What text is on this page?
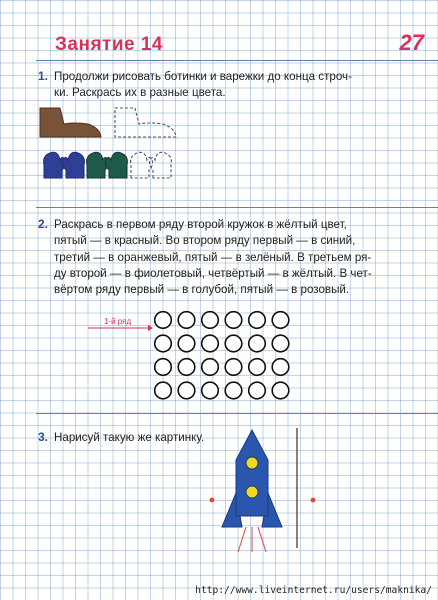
Занятие 14	27
1. Продолжи рисовать ботинки и варежки до конца строч-
ки. Раскрась их в разные цвета.
2. Раскрась в первом ряду второй кружок в жёлтый цвет,
пятый — в красный. Во втором ряду первый — в синий,
третий — в оранжевый, пятый — в зелёный. В третьем ря-
ду второй — в фиолетовый, четвёртый — в жёлтый. В чет-
вёртом ряду первый — в голубой, пятый — в розовый.
1-й ряд
3. Нарисуй такую же картинку.
http://www.liveinternet.ru/users/maknika/
